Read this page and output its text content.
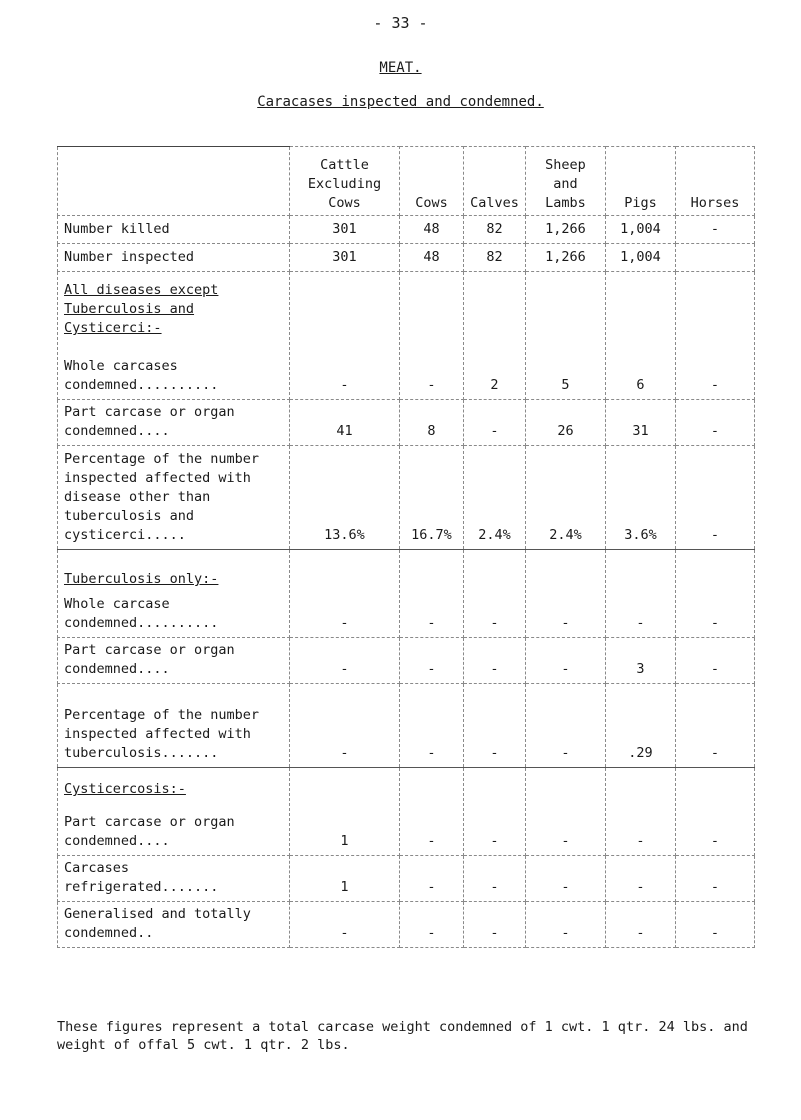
- 33 -
MEAT.
Caracases inspected and condemned.
	Cattle Excluding Cows	Cows	Calves	Sheep and Lambs	Pigs	Horses
Number killed	301	48	82	1,266	1,004	-
Number inspected	301	48	82	1,266	1,004	

All diseases except Tuberculosis and Cysticerci:-
Whole carcases condemned..........	-	-	2	5	6	-
Part carcase or organ condemned....	41	8	-	26	31	-
Percentage of the number inspected affected with disease other than tuberculosis and cysticerci.....	13.6%	16.7%	2.4%	2.4%	3.6%	-

Tuberculosis only:-
Whole carcase condemned..........	-	-	-	-	-	-
Part carcase or organ condemned....	-	-	-	-	3	-
Percentage of the number inspected affected with tuberculosis.......	-	-	-	-	.29	-

Cysticercosis:-
Part carcase or organ condemned....	1	-	-	-	-	-
Carcases refrigerated.......	1	-	-	-	-	-
Generalised and totally condemned..	-	-	-	-	-	-
These figures represent a total carcase weight condemned of 1 cwt. 1 qtr. 24 lbs. and weight of offal 5 cwt. 1 qtr. 2 lbs.
